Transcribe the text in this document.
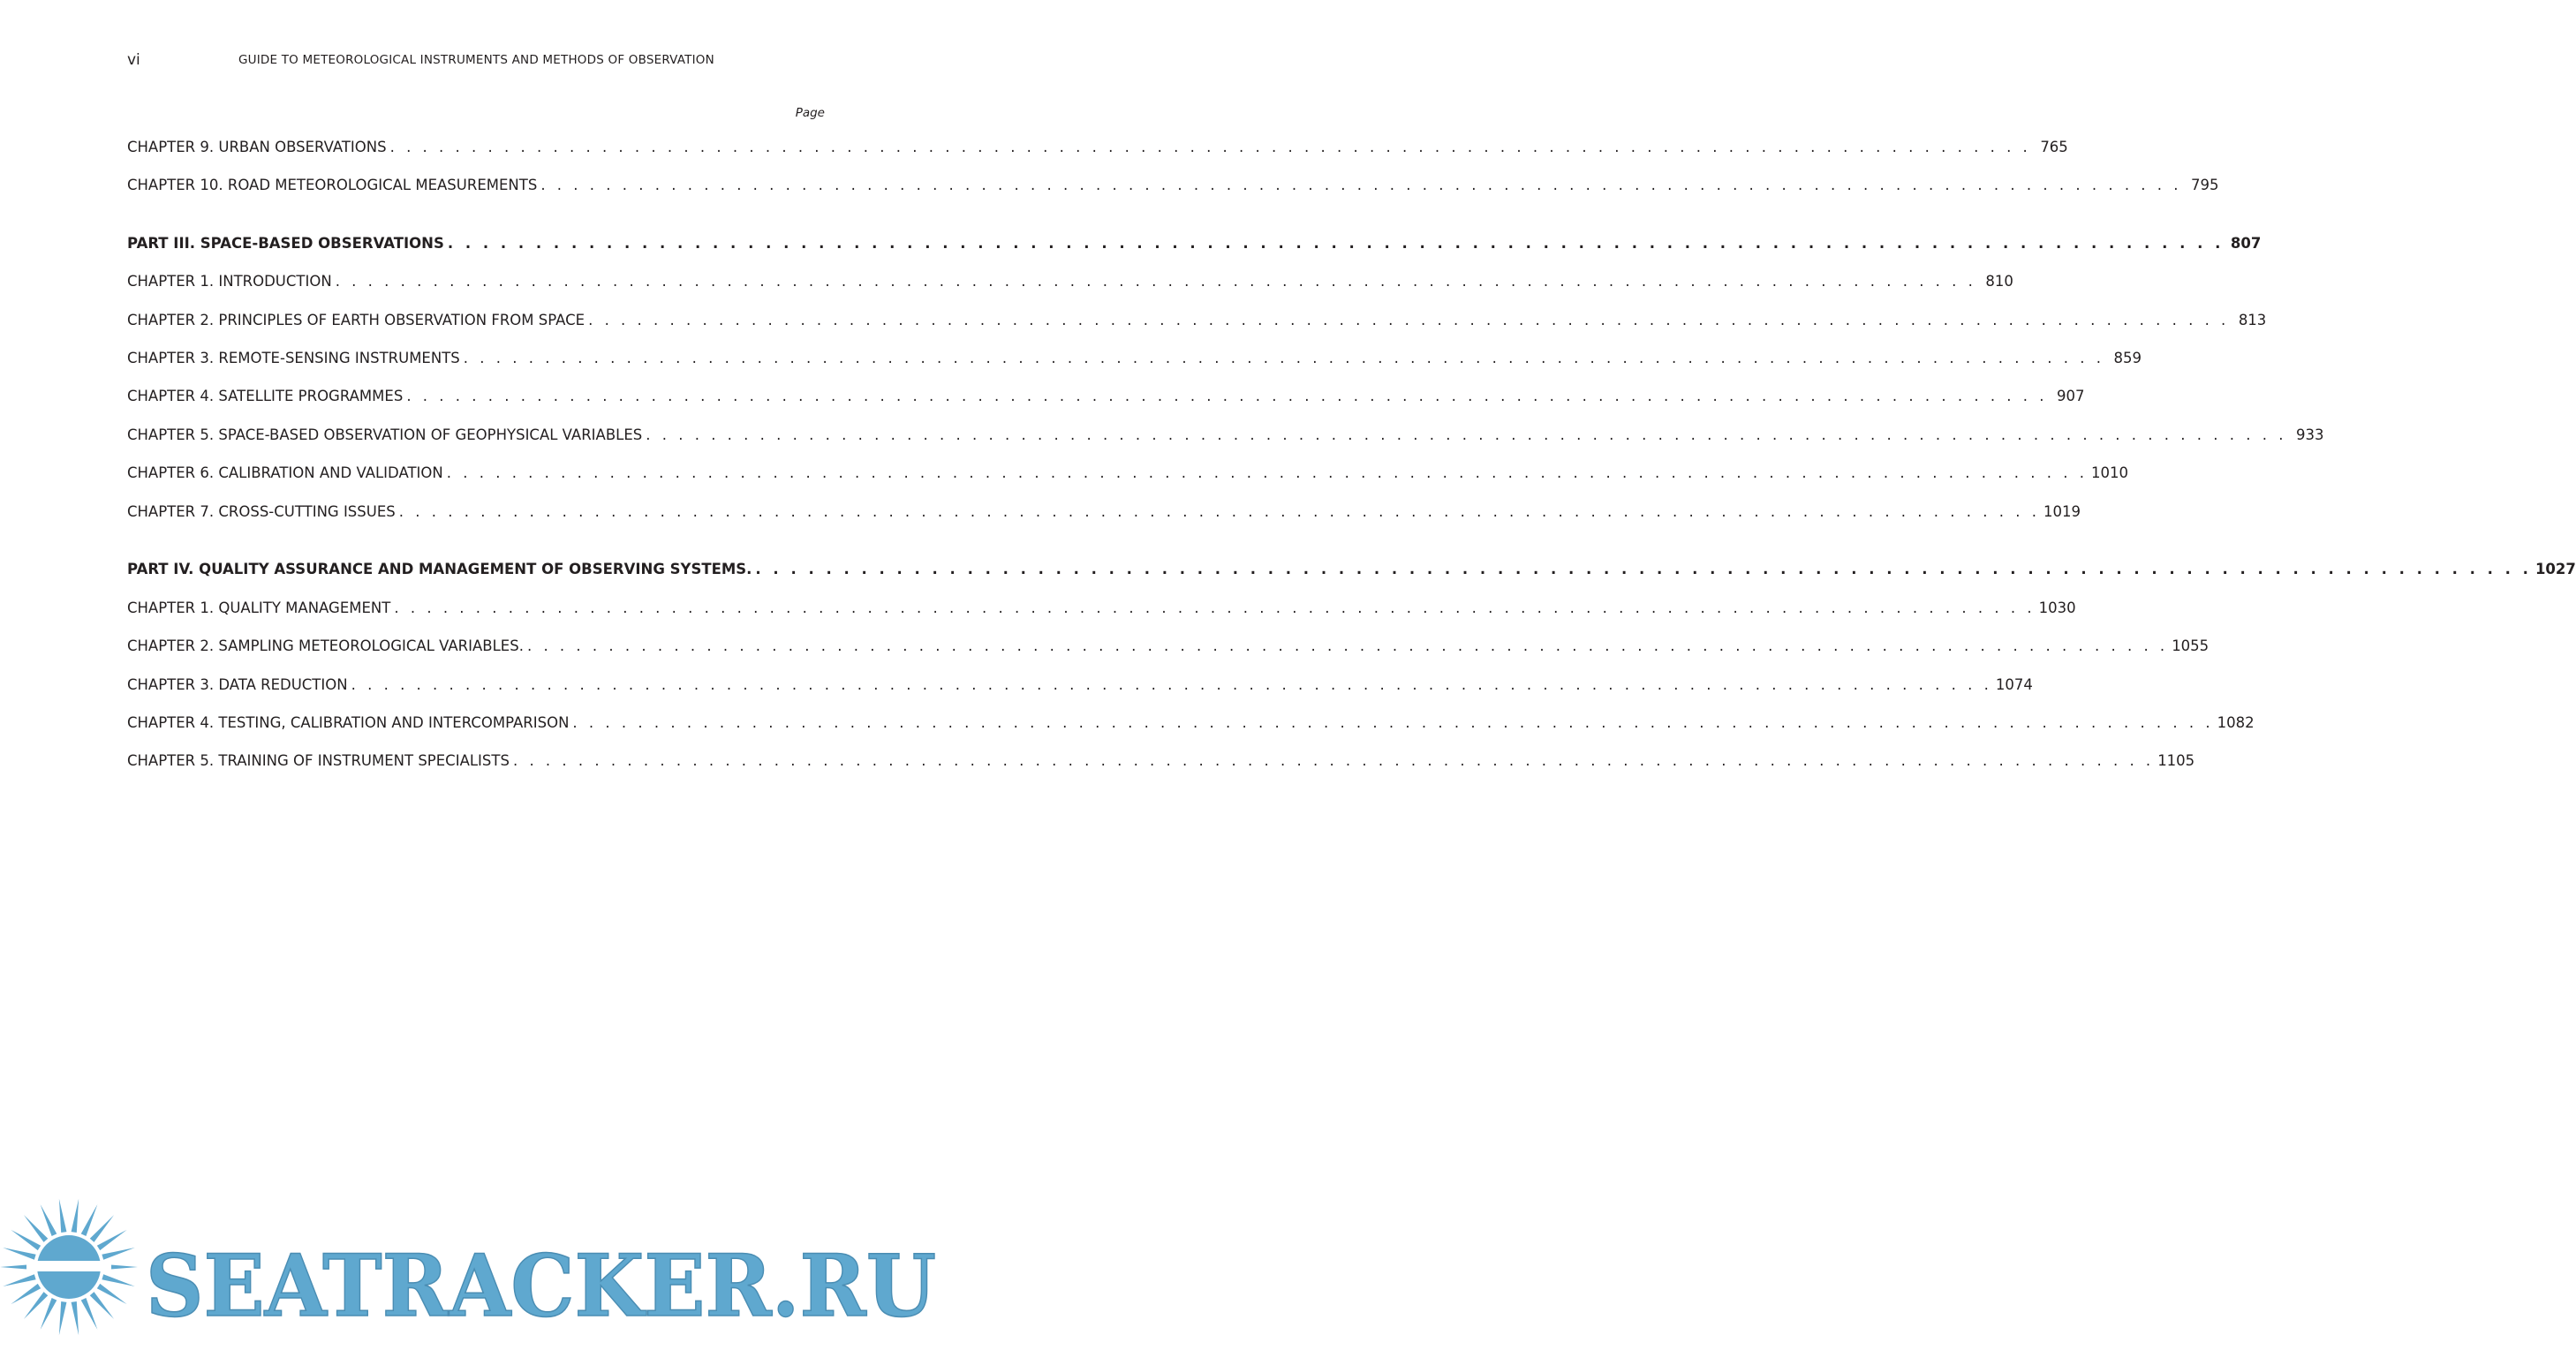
vi	GUIDE TO METEOROLOGICAL INSTRUMENTS AND METHODS OF OBSERVATION
Page
CHAPTER 9. URBAN OBSERVATIONS . . . . . . . . . . . . . . . . . . . . . . . . . . . . . . . . . . . . . . . . . . . . . . . . . . . . . . . . . . . . . . . . . . . . . . . . . . . . . . . . . . . . . . . . . . . . . . . . . . . . . 765
CHAPTER 10. ROAD METEOROLOGICAL MEASUREMENTS . . . . . . . . . . . . . . . . . . . . . . . . . . . . . . . . . . . . . . . . . . . . . . . . . . . . . . . . . . . . . . . . . . . . . . . . . . . . . . . . . . . . . . . . . . . . . . . . . . . . . 795
PART III. SPACE-BASED OBSERVATIONS . . . . . . . . . . . . . . . . . . . . . . . . . . . . . . . . . . . . . . . . . . . . . . . . . . . . . . . . . . . . . . . . . . . . . . . . . . . . . . . . . . . . . . . . . . . . . . . . . . . . . 807
CHAPTER 1. INTRODUCTION . . . . . . . . . . . . . . . . . . . . . . . . . . . . . . . . . . . . . . . . . . . . . . . . . . . . . . . . . . . . . . . . . . . . . . . . . . . . . . . . . . . . . . . . . . . . . . . . . . . . . 810
CHAPTER 2. PRINCIPLES OF EARTH OBSERVATION FROM SPACE . . . . . . . . . . . . . . . . . . . . . . . . . . . . . . . . . . . . . . . . . . . . . . . . . . . . . . . . . . . . . . . . . . . . . . . . . . . . . . . . . . . . . . . . . . . . . . . . . . . . . 813
CHAPTER 3. REMOTE-SENSING INSTRUMENTS . . . . . . . . . . . . . . . . . . . . . . . . . . . . . . . . . . . . . . . . . . . . . . . . . . . . . . . . . . . . . . . . . . . . . . . . . . . . . . . . . . . . . . . . . . . . . . . . . . . . . 859
CHAPTER 4. SATELLITE PROGRAMMES . . . . . . . . . . . . . . . . . . . . . . . . . . . . . . . . . . . . . . . . . . . . . . . . . . . . . . . . . . . . . . . . . . . . . . . . . . . . . . . . . . . . . . . . . . . . . . . . . . . . . 907
CHAPTER 5. SPACE-BASED OBSERVATION OF GEOPHYSICAL VARIABLES . . . . . . . . . . . . . . . . . . . . . . . . . . . . . . . . . . . . . . . . . . . . . . . . . . . . . . . . . . . . . . . . . . . . . . . . . . . . . . . . . . . . . . . . . . . . . . . . . . . . . 933
CHAPTER 6. CALIBRATION AND VALIDATION . . . . . . . . . . . . . . . . . . . . . . . . . . . . . . . . . . . . . . . . . . . . . . . . . . . . . . . . . . . . . . . . . . . . . . . . . . . . . . . . . . . . . . . . . . . . . . . . . . . . . 1010
CHAPTER 7. CROSS-CUTTING ISSUES . . . . . . . . . . . . . . . . . . . . . . . . . . . . . . . . . . . . . . . . . . . . . . . . . . . . . . . . . . . . . . . . . . . . . . . . . . . . . . . . . . . . . . . . . . . . . . . . . . . . . 1019
PART IV. QUALITY ASSURANCE AND MANAGEMENT OF OBSERVING SYSTEMS. . . . . . . . . . . . . . . . . . . . . . . . . . . . . . . . . . . . . . . . . . . . . . . . . . . . . . . . . . . . . . . . . . . . . . . . . . . . . . . . . . . . . . . . . . . . . . . . . . . . . . 1027
CHAPTER 1. QUALITY MANAGEMENT . . . . . . . . . . . . . . . . . . . . . . . . . . . . . . . . . . . . . . . . . . . . . . . . . . . . . . . . . . . . . . . . . . . . . . . . . . . . . . . . . . . . . . . . . . . . . . . . . . . . . 1030
CHAPTER 2. SAMPLING METEOROLOGICAL VARIABLES. . . . . . . . . . . . . . . . . . . . . . . . . . . . . . . . . . . . . . . . . . . . . . . . . . . . . . . . . . . . . . . . . . . . . . . . . . . . . . . . . . . . . . . . . . . . . . . . . . . . . . 1055
CHAPTER 3. DATA REDUCTION . . . . . . . . . . . . . . . . . . . . . . . . . . . . . . . . . . . . . . . . . . . . . . . . . . . . . . . . . . . . . . . . . . . . . . . . . . . . . . . . . . . . . . . . . . . . . . . . . . . . . 1074
CHAPTER 4. TESTING, CALIBRATION AND INTERCOMPARISON . . . . . . . . . . . . . . . . . . . . . . . . . . . . . . . . . . . . . . . . . . . . . . . . . . . . . . . . . . . . . . . . . . . . . . . . . . . . . . . . . . . . . . . . . . . . . . . . . . . . . 1082
CHAPTER 5. TRAINING OF INSTRUMENT SPECIALISTS . . . . . . . . . . . . . . . . . . . . . . . . . . . . . . . . . . . . . . . . . . . . . . . . . . . . . . . . . . . . . . . . . . . . . . . . . . . . . . . . . . . . . . . . . . . . . . . . . . . . . 1105
SEATRACKER.RU
